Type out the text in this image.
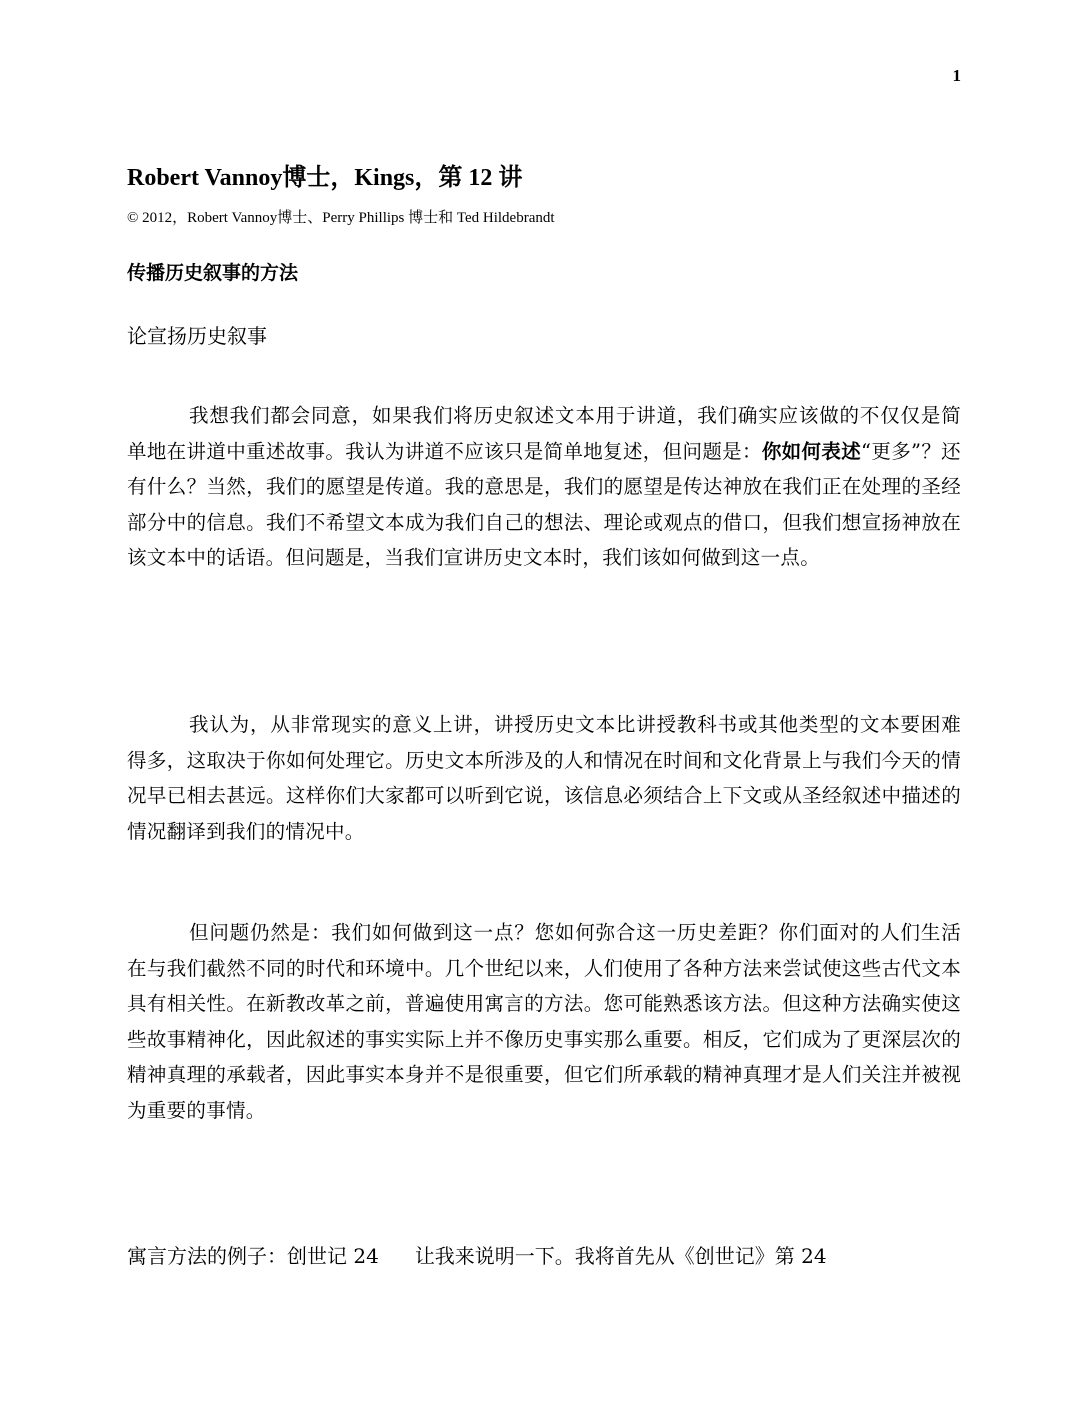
1
Robert Vannoy博士，Kings，第 12 讲
© 2012，Robert Vannoy博士、Perry Phillips 博士和 Ted Hildebrandt
传播历史叙事的方法
论宣扬历史叙事

我想我们都会同意，如果我们将历史叙述文本用于讲道，我们确实应该做的不仅仅是简单地在讲道中重述故事。我认为讲道不应该只是简单地复述，但问题是：你如何表述“更多”？还有什么？当然，我们的愿望是传道。我的意思是，我们的愿望是传达神放在我们正在处理的圣经部分中的信息。我们不希望文本成为我们自己的想法、理论或观点的借口，但我们想宣扬神放在该文本中的话语。但问题是，当我们宣讲历史文本时，我们该如何做到这一点。

我认为，从非常现实的意义上讲，讲授历史文本比讲授教科书或其他类型的文本要困难得多，这取决于你如何处理它。历史文本所涉及的人和情况在时间和文化背景上与我们今天的情况早已相去甚远。这样你们大家都可以听到它说，该信息必须结合上下文或从圣经叙述中描述的情况翻译到我们的情况中。

但问题仍然是：我们如何做到这一点？您如何弥合这一历史差距？你们面对的人们生活在与我们截然不同的时代和环境中。几个世纪以来，人们使用了各种方法来尝试使这些古代文本具有相关性。在新教改革之前，普遍使用寓言的方法。您可能熟悉该方法。但这种方法确实使这些故事精神化，因此叙述的事实实际上并不像历史事实那么重要。相反，它们成为了更深层次的精神真理的承载者，因此事实本身并不是很重要，但它们所承载的精神真理才是人们关注并被视为重要的事情。

寓言方法的例子：创世记 24 让我来说明一下。我将首先从《创世记》第 24
